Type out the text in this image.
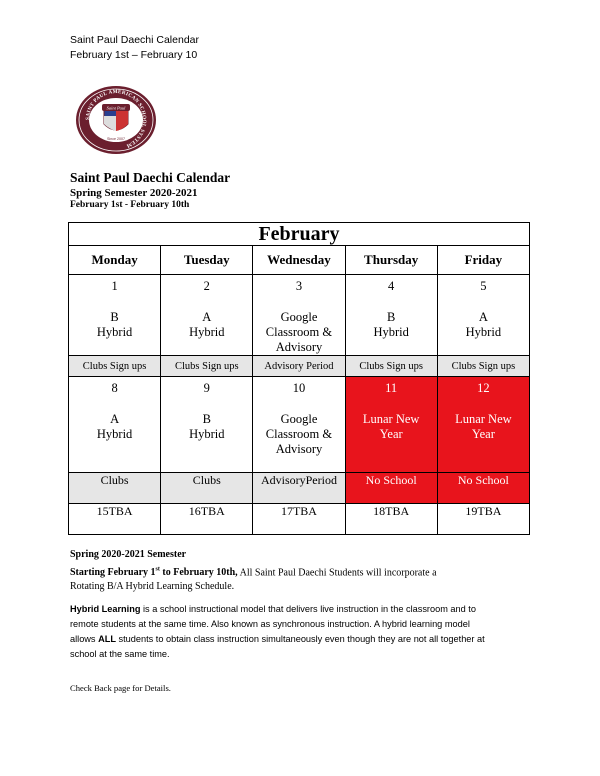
Saint Paul Daechi Calendar
February 1st – February 10
SAINT PAUL AMERICAN SCHOOL SYSTEM
Saint Paul
Since 2007
Saint Paul Daechi Calendar
Spring Semester 2020-2021
February 1st - February 10th
February				
Monday	Tuesday	Wednesday	Thursday	Friday

1
B
Hybrid	2
A
Hybrid	3
Google
Classroom &
Advisory	4
B
Hybrid	5
A
Hybrid

Clubs Sign ups	Clubs Sign ups	Advisory Period	Clubs Sign ups	Clubs Sign ups

8
A
Hybrid	9
B
Hybrid	10
Google
Classroom &
Advisory	11
Lunar New
Year	12
Lunar New
Year

Clubs	Clubs	AdvisoryPeriod	No School	No School
15TBA	16TBA	17TBA	18TBA	19TBA
Spring 2020-2021 Semester
Starting February 1st to February 10th, All Saint Paul Daechi Students will incorporate a
Rotating B/A Hybrid Learning Schedule.
Hybrid Learning is a school instructional model that delivers live instruction in the classroom and to
remote students at the same time. Also known as synchronous instruction. A hybrid learning model
allows ALL students to obtain class instruction simultaneously even though they are not all together at
school at the same time.
Check Back page for Details.
